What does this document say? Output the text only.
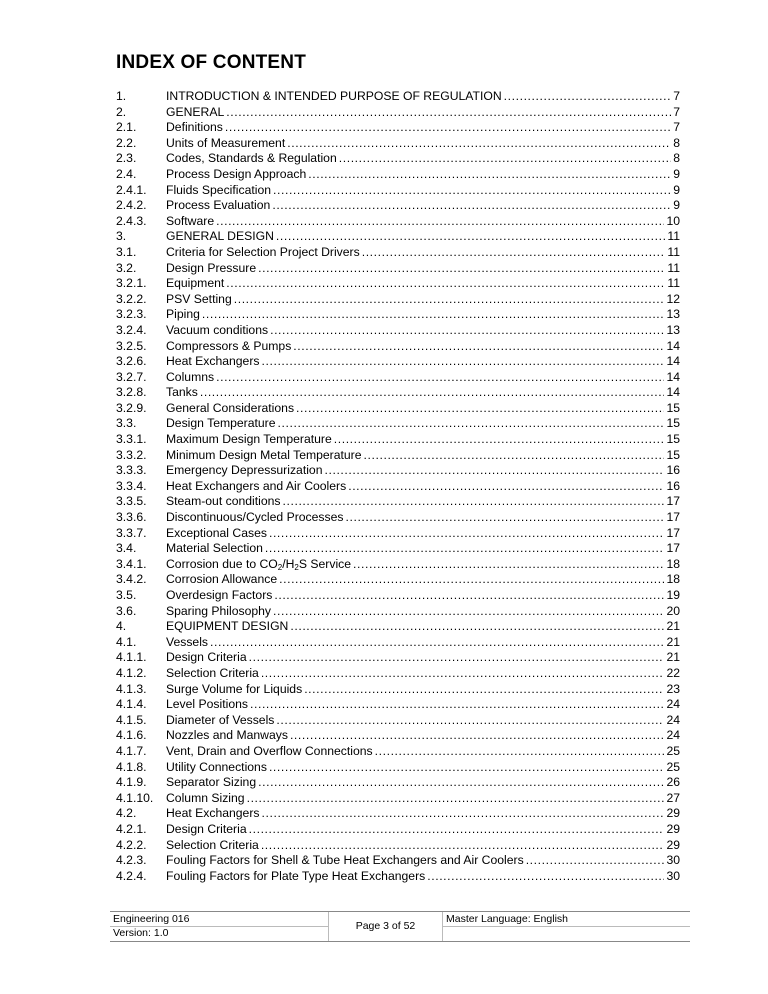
INDEX OF CONTENT
1.	INTRODUCTION & INTENDED PURPOSE OF REGULATION .....	7
2.	GENERAL .....	7
2.1.	Definitions .....	7
2.2.	Units of Measurement .....	8
2.3.	Codes, Standards & Regulation .....	8
2.4.	Process Design Approach .....	9
2.4.1.	Fluids Specification .....	9
2.4.2.	Process Evaluation .....	9
2.4.3.	Software .....	10
3.	GENERAL DESIGN .....	11
3.1.	Criteria for Selection Project Drivers .....	11
3.2.	Design Pressure .....	11
3.2.1.	Equipment .....	11
3.2.2.	PSV Setting .....	12
3.2.3.	Piping .....	13
3.2.4.	Vacuum conditions .....	13
3.2.5.	Compressors & Pumps .....	14
3.2.6.	Heat Exchangers .....	14
3.2.7.	Columns .....	14
3.2.8.	Tanks .....	14
3.2.9.	General Considerations .....	15
3.3.	Design Temperature .....	15
3.3.1.	Maximum Design Temperature .....	15
3.3.2.	Minimum Design Metal Temperature .....	15
3.3.3.	Emergency Depressurization .....	16
3.3.4.	Heat Exchangers and Air Coolers .....	16
3.3.5.	Steam-out conditions .....	17
3.3.6.	Discontinuous/Cycled Processes .....	17
3.3.7.	Exceptional Cases .....	17
3.4.	Material Selection .....	17
3.4.1.	Corrosion due to $CO_2/H_2S$ Service .....	18
3.4.2.	Corrosion Allowance .....	18
3.5.	Overdesign Factors .....	19
3.6.	Sparing Philosophy .....	20
4.	EQUIPMENT DESIGN .....	21
4.1.	Vessels .....	21
4.1.1.	Design Criteria .....	21
4.1.2.	Selection Criteria .....	22
4.1.3.	Surge Volume for Liquids .....	23
4.1.4.	Level Positions .....	24
4.1.5.	Diameter of Vessels .....	24
4.1.6.	Nozzles and Manways .....	24
4.1.7.	Vent, Drain and Overflow Connections .....	25
4.1.8.	Utility Connections .....	25
4.1.9.	Separator Sizing .....	26
4.1.10.	Column Sizing .....	27
4.2.	Heat Exchangers .....	29
4.2.1.	Design Criteria .....	29
4.2.2.	Selection Criteria .....	29
4.2.3.	Fouling Factors for Shell & Tube Heat Exchangers and Air Coolers .....	30
4.2.4.	Fouling Factors for Plate Type Heat Exchangers .....	30
Engineering 016
Version: 1.0
Page 3 of 52
Master Language: English
